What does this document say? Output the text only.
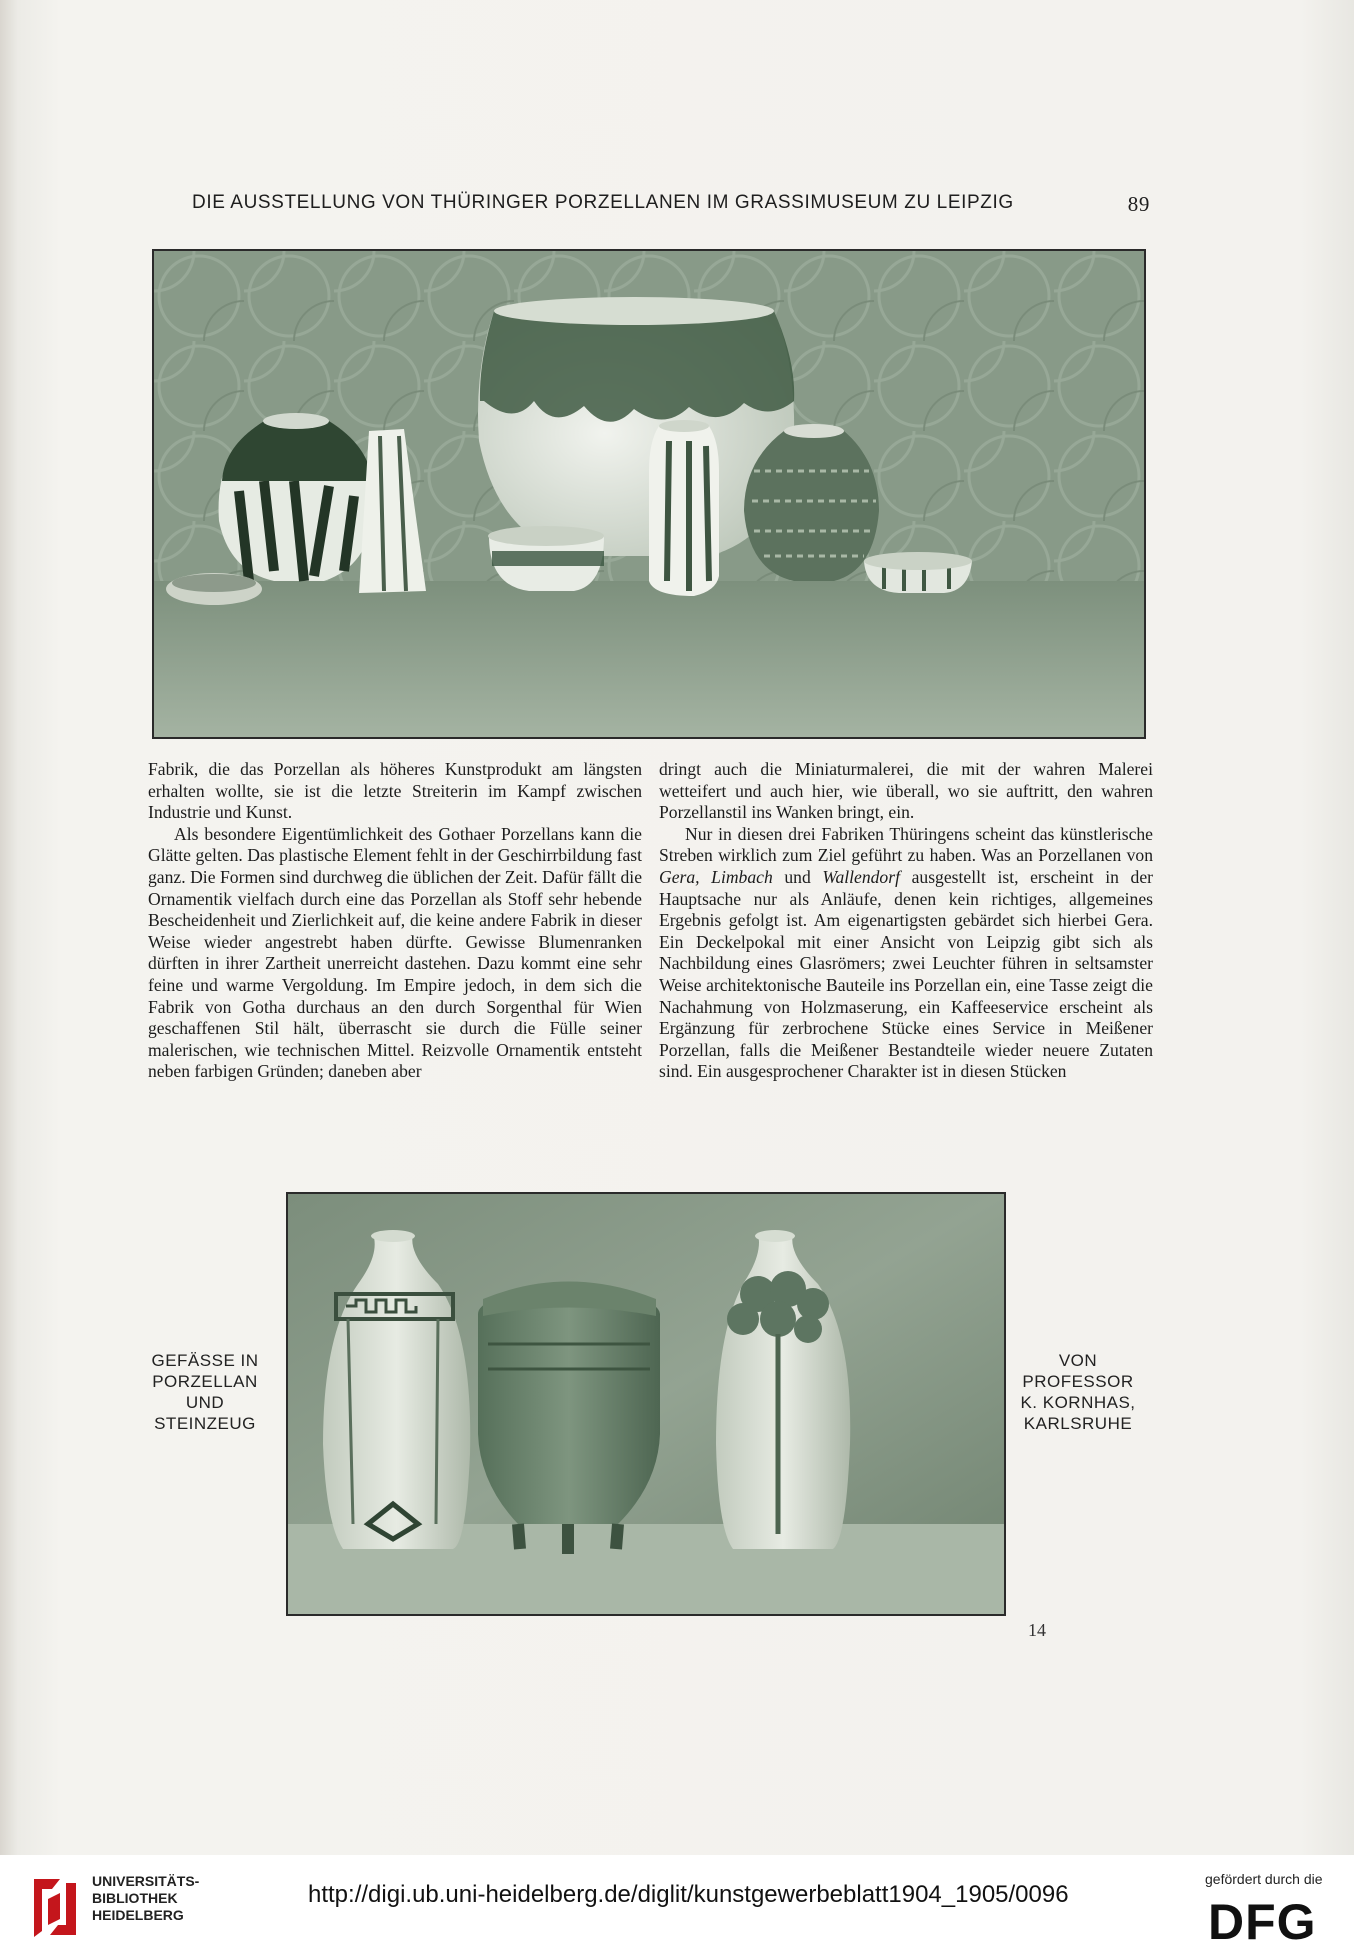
DIE AUSSTELLUNG VON THÜRINGER PORZELLANEN IM GRASSIMUSEUM ZU LEIPZIG	89

Fabrik, die das Porzellan als höheres Kunstprodukt am längsten erhalten wollte, sie ist die letzte Streiterin im Kampf zwischen Industrie und Kunst.

Als besondere Eigentümlichkeit des Gothaer Porzellans kann die Glätte gelten. Das plastische Element fehlt in der Geschirrbildung fast ganz. Die Formen sind durchweg die üblichen der Zeit. Dafür fällt die Ornamentik vielfach durch eine das Porzellan als Stoff sehr hebende Bescheidenheit und Zierlichkeit auf, die keine andere Fabrik in dieser Weise wieder angestrebt haben dürfte. Gewisse Blumenranken dürften in ihrer Zartheit unerreicht dastehen. Dazu kommt eine sehr feine und warme Vergoldung. Im Empire jedoch, in dem sich die Fabrik von Gotha durchaus an den durch Sorgenthal für Wien geschaffenen Stil hält, überrascht sie durch die Fülle seiner malerischen, wie technischen Mittel. Reizvolle Ornamentik entsteht neben farbigen Gründen; daneben aber

dringt auch die Miniaturmalerei, die mit der wahren Malerei wetteifert und auch hier, wie überall, wo sie auftritt, den wahren Porzellanstil ins Wanken bringt, ein.

Nur in diesen drei Fabriken Thüringens scheint das künstlerische Streben wirklich zum Ziel geführt zu haben. Was an Porzellanen von Gera, Limbach und Wallendorf ausgestellt ist, erscheint in der Hauptsache nur als Anläufe, denen kein richtiges, allgemeines Ergebnis gefolgt ist. Am eigenartigsten gebärdet sich hierbei Gera. Ein Deckelpokal mit einer Ansicht von Leipzig gibt sich als Nachbildung eines Glasrömers; zwei Leuchter führen in seltsamster Weise architektonische Bauteile ins Porzellan ein, eine Tasse zeigt die Nachahmung von Holzmaserung, ein Kaffeeservice erscheint als Ergänzung für zerbrochene Stücke eines Service in Meißener Porzellan, falls die Meißener Bestandteile wieder neuere Zutaten sind. Ein ausgesprochener Charakter ist in diesen Stücken

GEFÄSSE IN
PORZELLAN
UND
STEINZEUG
VON
PROFESSOR
K. KORNHAS,
KARLSRUHE
14
UNIVERSITÄTS-
BIBLIOTHEK
HEIDELBERG
http://digi.ub.uni-heidelberg.de/diglit/kunstgewerbeblatt1904_1905/0096
gefördert durch die
DFG
